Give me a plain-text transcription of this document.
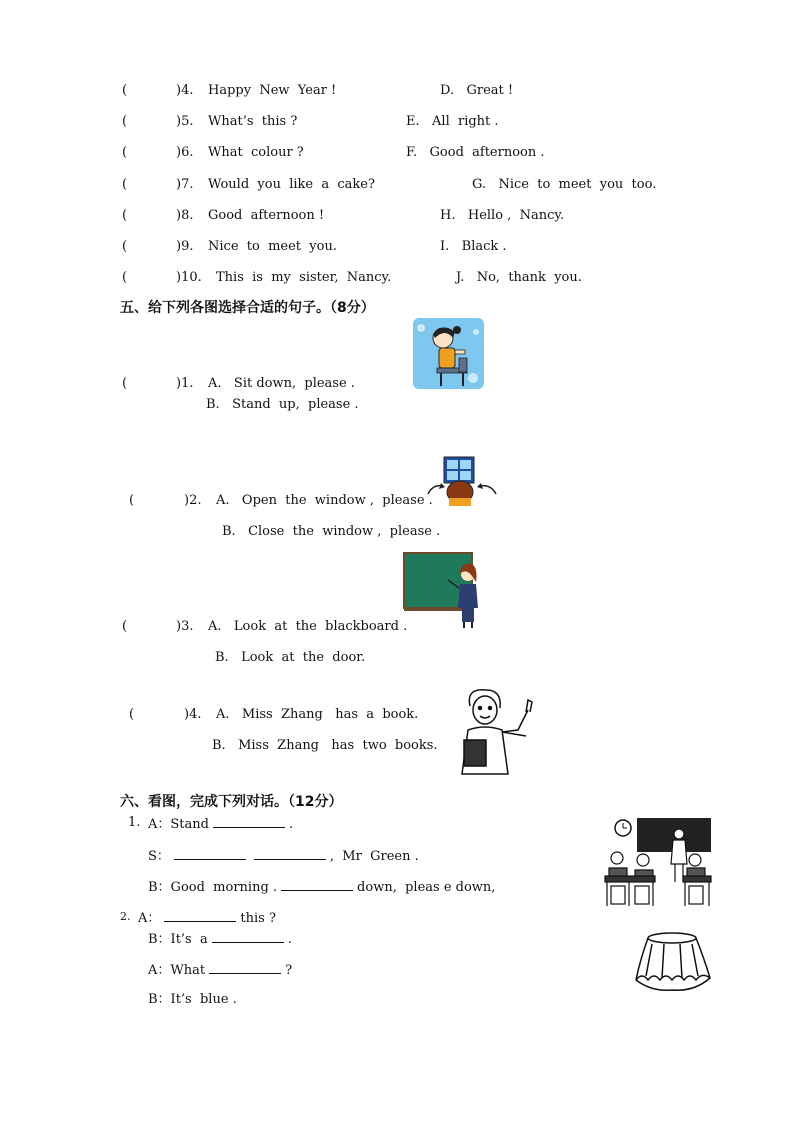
(	)4. Happy  New  Year !	D.   Great !
(	)5. What’s  this ?	E.   All  right .
(	)6. What  colour ?	F.   Good  afternoon .
(	)7. Would  you  like  a  cake?	G.   Nice  to  meet  you  too.
(	)8. Good  afternoon !	H.   Hello ,  Nancy.
(	)9. Nice  to  meet  you.	I.   Black .
(	)10. This  is  my  sister,  Nancy.	J.   No,  thank  you.
五、给下列各图选择合适的句子。（8分）
(	)1. A.   Sit down,  please .
B.   Stand  up,  please .
(	)2. A.   Open  the  window ,  please .
B.   Close  the  window ,  please .
(	)3. A.   Look  at  the  blackboard .
B.   Look  at  the  door.
(	)4. A.   Miss  Zhang   has  a  book.
B.   Miss  Zhang   has  two  books.
六、看图，完成下列对话。（12分）
1. A：Stand	.
S：	,  Mr  Green .
B：Good  morning .	down,  pleas e down,
2. A：	this ?
B：It’s  a	.
A：What	?
B：It’s  blue .
